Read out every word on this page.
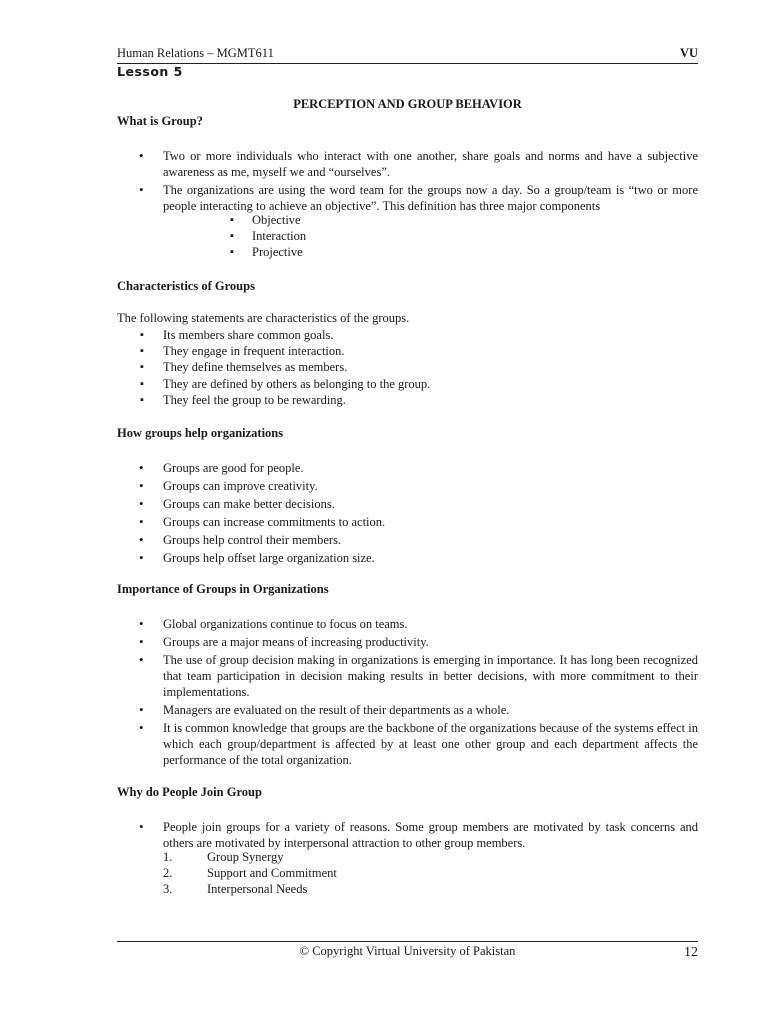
Human Relations – MGMT611	VU
Lesson 5
PERCEPTION AND GROUP BEHAVIOR
What is Group?
• Two or more individuals who interact with one another, share goals and norms and have a subjective awareness as me, myself we and “ourselves”.
• The organizations are using the word team for the groups now a day. So a group/team is “two or more people interacting to achieve an objective”. This definition has three major components
▪ Objective
▪ Interaction
▪ Projective
Characteristics of Groups
The following statements are characteristics of the groups.
▪ Its members share common goals.
▪ They engage in frequent interaction.
▪ They define themselves as members.
▪ They are defined by others as belonging to the group.
▪ They feel the group to be rewarding.
How groups help organizations
• Groups are good for people.
• Groups can improve creativity.
• Groups can make better decisions.
• Groups can increase commitments to action.
• Groups help control their members.
• Groups help offset large organization size.
Importance of Groups in Organizations
• Global organizations continue to focus on teams.
• Groups are a major means of increasing productivity.
• The use of group decision making in organizations is emerging in importance. It has long been recognized that team participation in decision making results in better decisions, with more commitment to their implementations.
• Managers are evaluated on the result of their departments as a whole.
• It is common knowledge that groups are the backbone of the organizations because of the systems effect in which each group/department is affected by at least one other group and each department affects the performance of the total organization.
Why do People Join Group
• People join groups for a variety of reasons. Some group members are motivated by task concerns and others are motivated by interpersonal attraction to other group members.
1.	Group Synergy
2.	Support and Commitment
3.	Interpersonal Needs
© Copyright Virtual University of Pakistan	12
